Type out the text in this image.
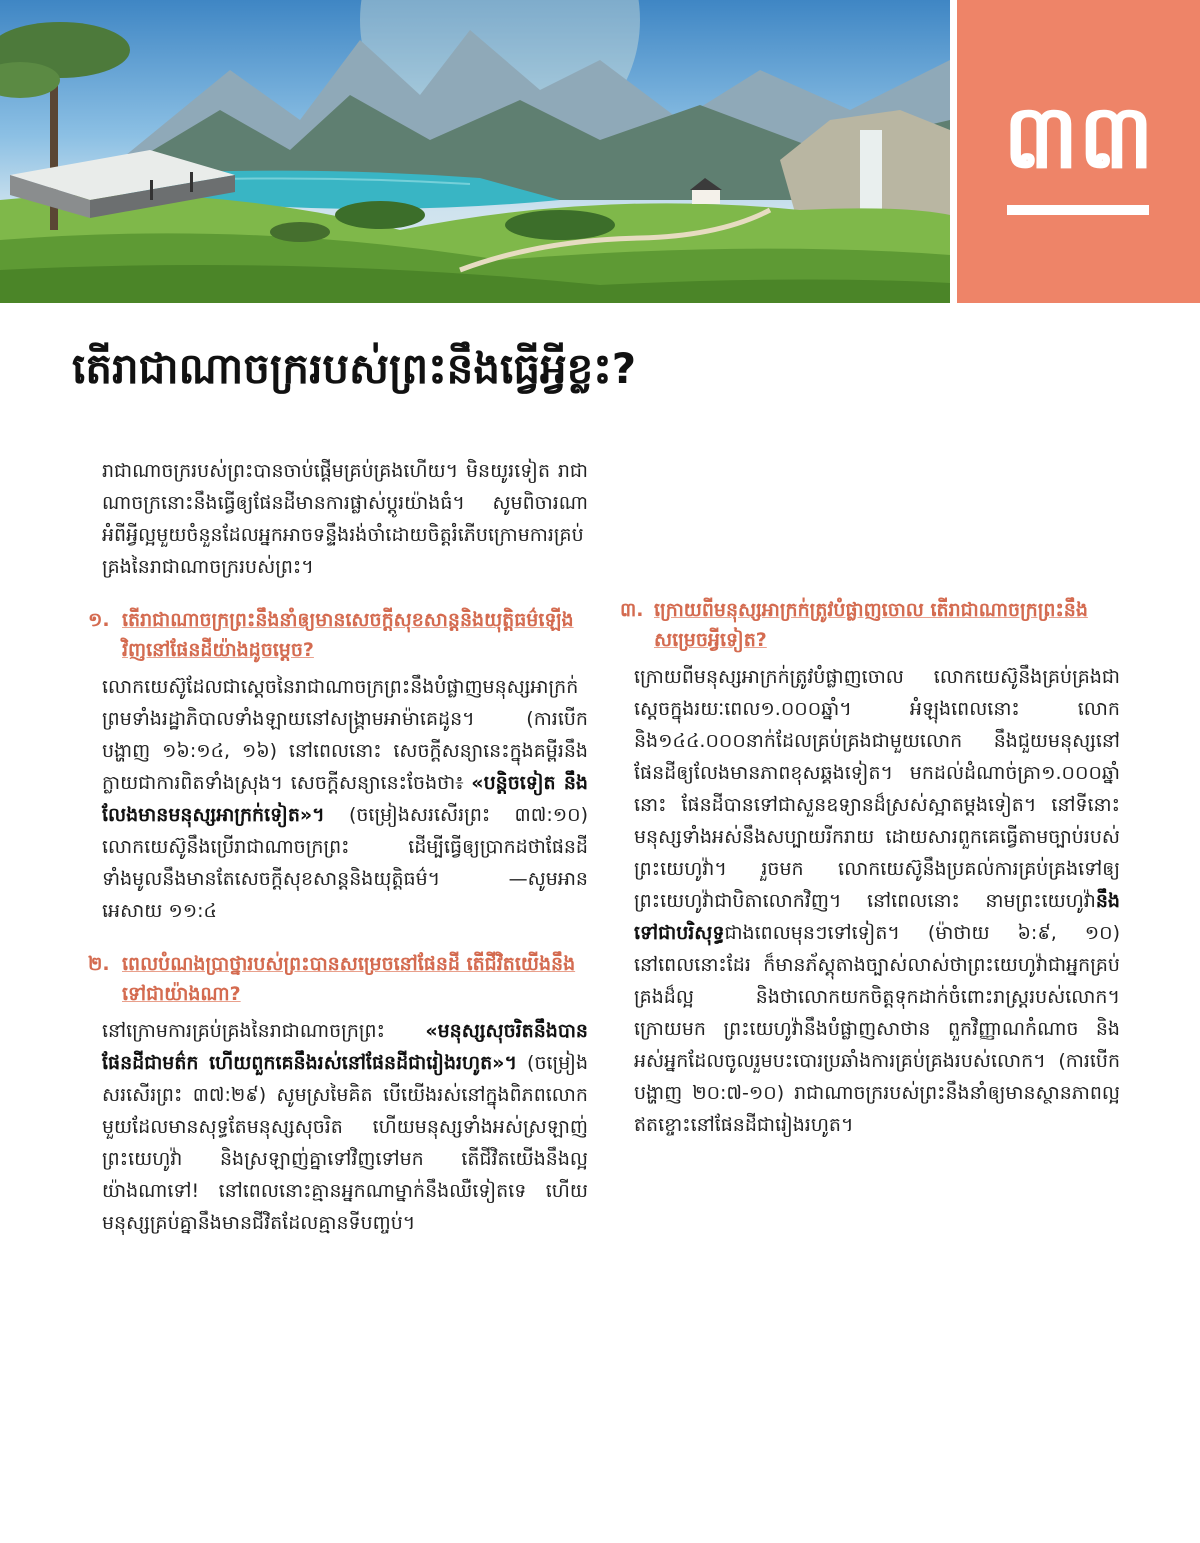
៣៣
តើរាជាណាចក្ររបស់ព្រះនឹងធ្វើអ្វីខ្លះ?

រាជាណាចក្ររបស់ព្រះបានចាប់ផ្ដើមគ្រប់គ្រងហើយ។ មិនយូរទៀត រាជាណាចក្រនោះនឹងធ្វើឲ្យផែនដីមានការផ្លាស់ប្ដូរយ៉ាងធំ។ សូមពិចារណាអំពីអ្វីល្អមួយចំនួនដែលអ្នកអាចទន្ទឹងរង់ចាំដោយចិត្តរំភើបក្រោមការគ្រប់គ្រងនៃរាជាណាចក្ររបស់ព្រះ។

១. តើរាជាណាចក្រព្រះនឹងនាំឲ្យមានសេចក្ដីសុខសាន្តនិងយុត្តិធម៌ឡើងវិញនៅផែនដីយ៉ាងដូចម្ដេច?

លោកយេស៊ូដែលជាស្ដេចនៃរាជាណាចក្រព្រះនឹងបំផ្លាញមនុស្សអាក្រក់ ព្រមទាំងរដ្ឋាភិបាលទាំងឡាយនៅសង្គ្រាមអាម៉ាគេដូន។ (ការបើកបង្ហាញ ១៦:១៤, ១៦) នៅពេលនោះ សេចក្ដីសន្យានេះក្នុងគម្ពីរនឹងក្លាយជាការពិតទាំងស្រុង។ សេចក្ដីសន្យានេះចែងថា៖ «បន្តិចទៀត នឹងលែងមានមនុស្សអាក្រក់ទៀត»។ (ចម្រៀងសរសើរព្រះ ៣៧:១០) លោកយេស៊ូនឹងប្រើរាជាណាចក្រព្រះ ដើម្បីធ្វើឲ្យប្រាកដថាផែនដីទាំងមូលនឹងមានតែសេចក្ដីសុខសាន្តនិងយុត្តិធម៌។ —សូមអាន អេសាយ ១១:៤

២. ពេលបំណងប្រាថ្នារបស់ព្រះបានសម្រេចនៅផែនដី តើជីវិតយើងនឹងទៅជាយ៉ាងណា?

នៅក្រោមការគ្រប់គ្រងនៃរាជាណាចក្រព្រះ «មនុស្សសុចរិតនឹងបានផែនដីជាមត៌ក ហើយពួកគេនឹងរស់នៅផែនដីជារៀងរហូត»។ (ចម្រៀងសរសើរព្រះ ៣៧:២៩) សូមស្រមៃគិត បើយើងរស់នៅក្នុងពិភពលោកមួយដែលមានសុទ្ធតែមនុស្សសុចរិត ហើយមនុស្សទាំងអស់ស្រឡាញ់ព្រះយេហូវ៉ា និងស្រឡាញ់គ្នាទៅវិញទៅមក តើជីវិតយើងនឹងល្អយ៉ាងណាទៅ! នៅពេលនោះគ្មានអ្នកណាម្នាក់នឹងឈឺទៀតទេ ហើយមនុស្សគ្រប់គ្នានឹងមានជីវិតដែលគ្មានទីបញ្ចប់។

៣. ក្រោយពីមនុស្សអាក្រក់ត្រូវបំផ្លាញចោល តើរាជាណាចក្រព្រះនឹងសម្រេចអ្វីទៀត?

ក្រោយពីមនុស្សអាក្រក់ត្រូវបំផ្លាញចោល លោកយេស៊ូនឹងគ្រប់គ្រងជាស្ដេចក្នុងរយៈពេល១.០០០ឆ្នាំ។ អំឡុងពេលនោះ លោកនិង១៤៤.០០០នាក់ដែលគ្រប់គ្រងជាមួយលោក នឹងជួយមនុស្សនៅផែនដីឲ្យលែងមានភាពខុសឆ្គងទៀត។ មកដល់ដំណាច់គ្រា១.០០០ឆ្នាំនោះ ផែនដីបានទៅជាសួនឧទ្យានដ៏ស្រស់ស្អាតម្ដងទៀត។ នៅទីនោះមនុស្សទាំងអស់នឹងសប្បាយរីករាយ ដោយសារពួកគេធ្វើតាមច្បាប់របស់ព្រះយេហូវ៉ា។ រួចមក លោកយេស៊ូនឹងប្រគល់ការគ្រប់គ្រងទៅឲ្យព្រះយេហូវ៉ាជាបិតាលោកវិញ។ នៅពេលនោះ នាមព្រះយេហូវ៉ានឹងទៅជាបរិសុទ្ធជាងពេលមុនៗទៅទៀត។ (ម៉ាថាយ ៦:៩, ១០) នៅពេលនោះដែរ ក៏មានភ័ស្តុតាងច្បាស់លាស់ថាព្រះយេហូវ៉ាជាអ្នកគ្រប់គ្រងដ៏ល្អ និងថាលោកយកចិត្តទុកដាក់ចំពោះរាស្ត្ររបស់លោក។ ក្រោយមក ព្រះយេហូវ៉ានឹងបំផ្លាញសាថាន ពួកវិញ្ញាណកំណាច និងអស់អ្នកដែលចូលរួមបះបោរប្រឆាំងការគ្រប់គ្រងរបស់លោក។ (ការបើកបង្ហាញ ២០:៧-១០) រាជាណាចក្ររបស់ព្រះនឹងនាំឲ្យមានស្ថានភាពល្អឥតខ្ចោះនៅផែនដីជារៀងរហូត។
